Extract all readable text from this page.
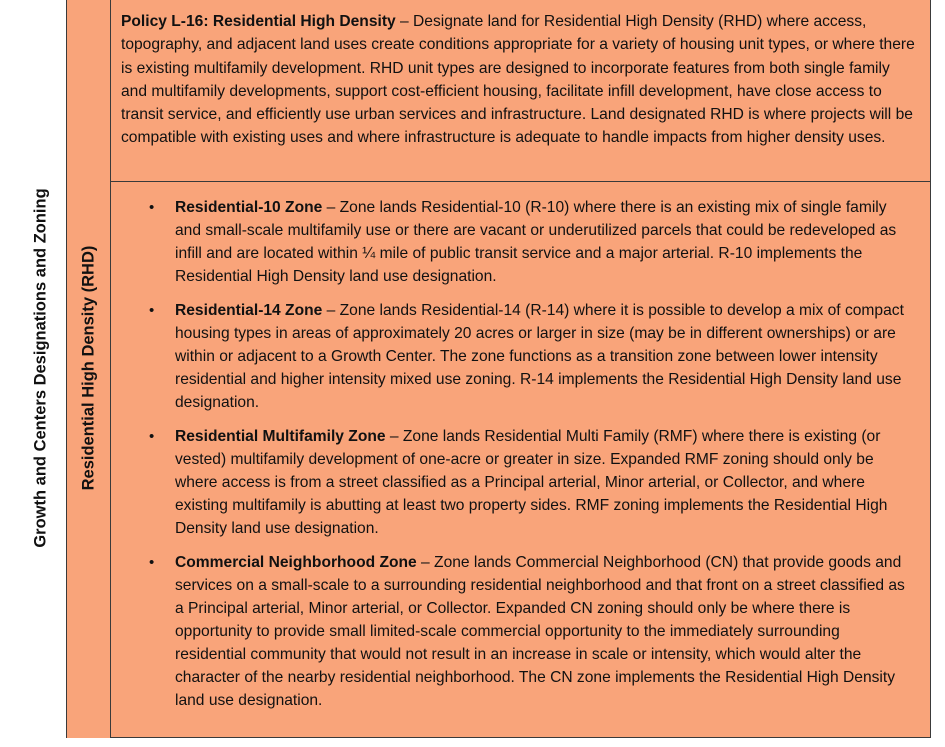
Growth and Centers Designations and Zoning Residential High Density (RHD)
Policy L-16: Residential High Density – Designate land for Residential High Density (RHD) where access, topography, and adjacent land uses create conditions appropriate for a variety of housing unit types, or where there is existing multifamily development. RHD unit types are designed to incorporate features from both single family and multifamily developments, support cost-efficient housing, facilitate infill development, have close access to transit service, and efficiently use urban services and infrastructure. Land designated RHD is where projects will be compatible with existing uses and where infrastructure is adequate to handle impacts from higher density uses.
• Residential-10 Zone – Zone lands Residential-10 (R-10) where there is an existing mix of single family and small-scale multifamily use or there are vacant or underutilized parcels that could be redeveloped as infill and are located within ¼ mile of public transit service and a major arterial. R-10 implements the Residential High Density land use designation.
• Residential-14 Zone – Zone lands Residential-14 (R-14) where it is possible to develop a mix of compact housing types in areas of approximately 20 acres or larger in size (may be in different ownerships) or are within or adjacent to a Growth Center. The zone functions as a transition zone between lower intensity residential and higher intensity mixed use zoning. R-14 implements the Residential High Density land use designation.
• Residential Multifamily Zone – Zone lands Residential Multi Family (RMF) where there is existing (or vested) multifamily development of one-acre or greater in size. Expanded RMF zoning should only be where access is from a street classified as a Principal arterial, Minor arterial, or Collector, and where existing multifamily is abutting at least two property sides. RMF zoning implements the Residential High Density land use designation.
• Commercial Neighborhood Zone – Zone lands Commercial Neighborhood (CN) that provide goods and services on a small-scale to a surrounding residential neighborhood and that front on a street classified as a Principal arterial, Minor arterial, or Collector. Expanded CN zoning should only be where there is opportunity to provide small limited-scale commercial opportunity to the immediately surrounding residential community that would not result in an increase in scale or intensity, which would alter the character of the nearby residential neighborhood. The CN zone implements the Residential High Density land use designation.
